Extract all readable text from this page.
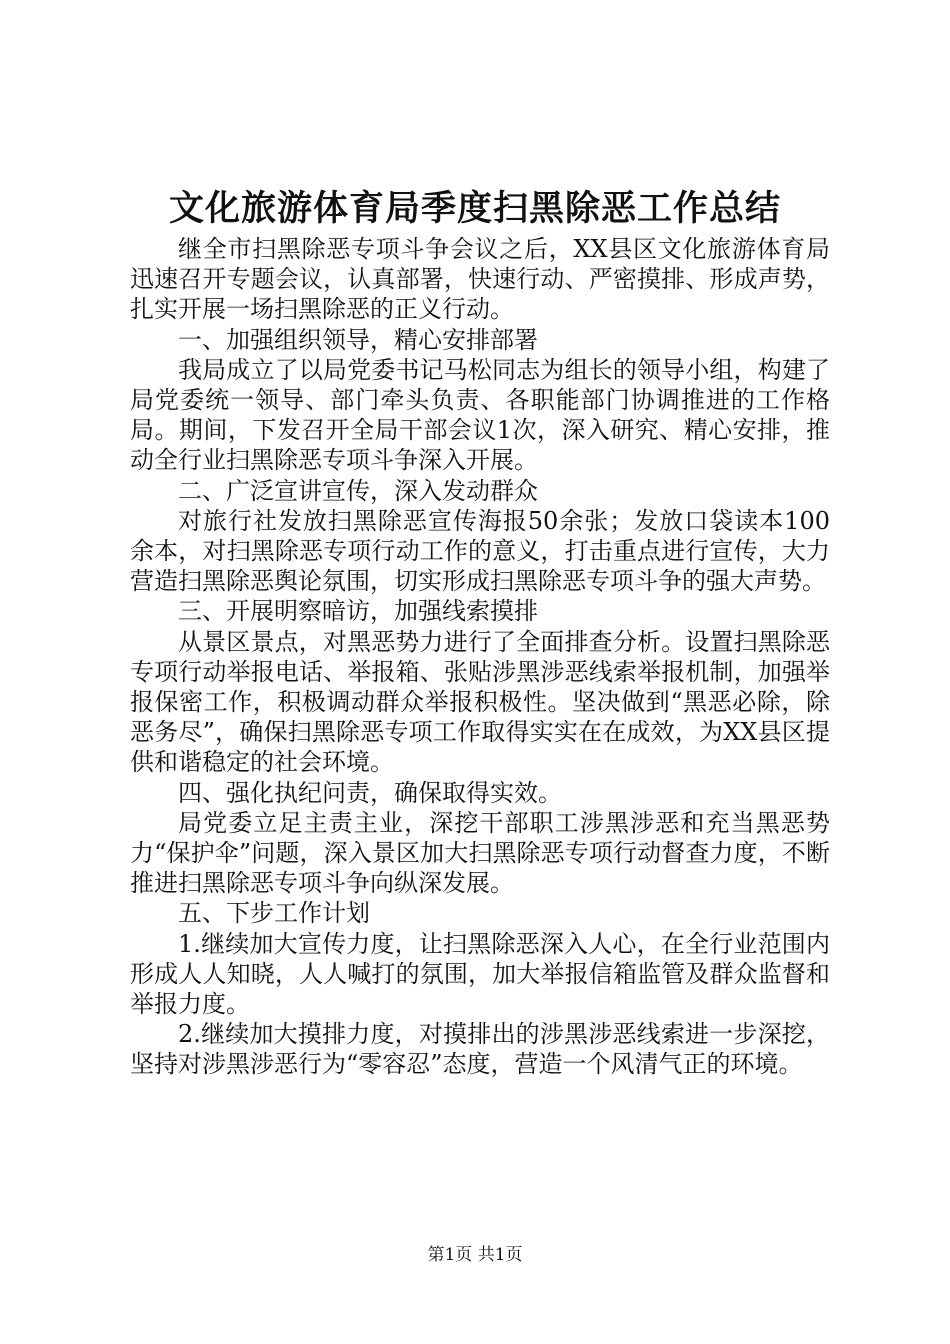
文化旅游体育局季度扫黑除恶工作总结

继全市扫黑除恶专项斗争会议之后，XX县区文化旅游体育局迅速召开专题会议，认真部署，快速行动、严密摸排、形成声势，扎实开展一场扫黑除恶的正义行动。

一、加强组织领导，精心安排部署

我局成立了以局党委书记马松同志为组长的领导小组，构建了局党委统一领导、部门牵头负责、各职能部门协调推进的工作格局。期间，下发召开全局干部会议1次，深入研究、精心安排，推动全行业扫黑除恶专项斗争深入开展。

二、广泛宣讲宣传，深入发动群众

对旅行社发放扫黑除恶宣传海报50余张；发放口袋读本100余本，对扫黑除恶专项行动工作的意义，打击重点进行宣传，大力营造扫黑除恶舆论氛围，切实形成扫黑除恶专项斗争的强大声势。

三、开展明察暗访，加强线索摸排

从景区景点，对黑恶势力进行了全面排查分析。设置扫黑除恶专项行动举报电话、举报箱、张贴涉黑涉恶线索举报机制，加强举报保密工作，积极调动群众举报积极性。坚决做到“黑恶必除，除恶务尽”，确保扫黑除恶专项工作取得实实在在成效，为XX县区提供和谐稳定的社会环境。

四、强化执纪问责，确保取得实效。

局党委立足主责主业，深挖干部职工涉黑涉恶和充当黑恶势力“保护伞”问题，深入景区加大扫黑除恶专项行动督查力度，不断推进扫黑除恶专项斗争向纵深发展。

五、下步工作计划

1.继续加大宣传力度，让扫黑除恶深入人心，在全行业范围内形成人人知晓，人人喊打的氛围，加大举报信箱监管及群众监督和举报力度。

2.继续加大摸排力度，对摸排出的涉黑涉恶线索进一步深挖，坚持对涉黑涉恶行为“零容忍”态度，营造一个风清气正的环境。

第1页 共1页
